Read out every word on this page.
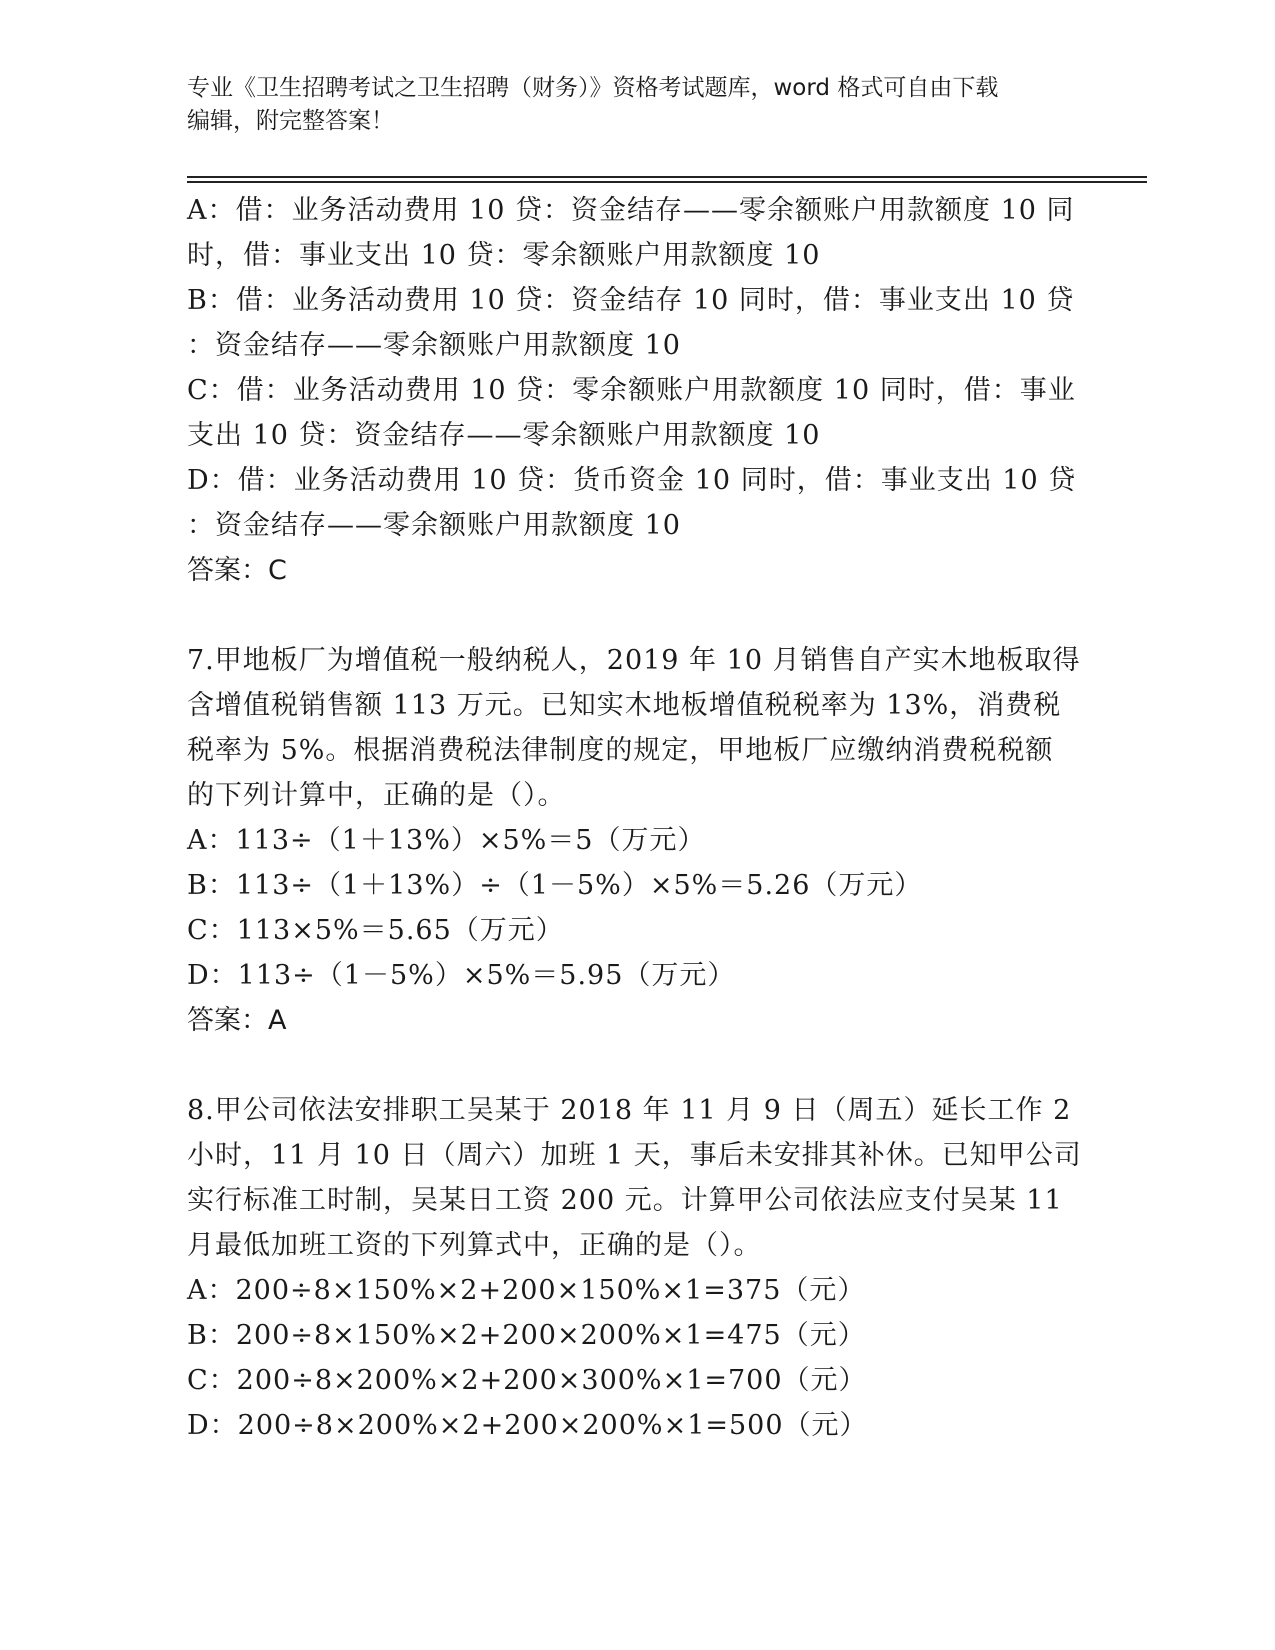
专业《卫生招聘考试之卫生招聘（财务）》资格考试题库，word 格式可自由下载
编辑，附完整答案！
A：借：业务活动费用 10 贷：资金结存——零余额账户用款额度 10 同
时，借：事业支出 10 贷：零余额账户用款额度 10
B：借：业务活动费用 10 贷：资金结存 10 同时，借：事业支出 10 贷
：资金结存——零余额账户用款额度 10
C：借：业务活动费用 10 贷：零余额账户用款额度 10 同时，借：事业
支出 10 贷：资金结存——零余额账户用款额度 10
D：借：业务活动费用 10 贷：货币资金 10 同时，借：事业支出 10 贷
：资金结存——零余额账户用款额度 10
答案：C
7.甲地板厂为增值税一般纳税人，2019 年 10 月销售自产实木地板取得
含增值税销售额 113 万元。已知实木地板增值税税率为 13%，消费税
税率为 5%。根据消费税法律制度的规定，甲地板厂应缴纳消费税税额
的下列计算中，正确的是（）。
A：113÷（1＋13%）×5%＝5（万元）
B：113÷（1＋13%）÷（1－5%）×5%＝5.26（万元）
C：113×5%＝5.65（万元）
D：113÷（1－5%）×5%＝5.95（万元）
答案：A
8.甲公司依法安排职工吴某于 2018 年 11 月 9 日（周五）延长工作 2
小时，11 月 10 日（周六）加班 1 天，事后未安排其补休。已知甲公司
实行标准工时制，吴某日工资 200 元。计算甲公司依法应支付吴某 11
月最低加班工资的下列算式中，正确的是（）。
A：200÷8×150%×2+200×150%×1=375（元）
B：200÷8×150%×2+200×200%×1=475（元）
C：200÷8×200%×2+200×300%×1=700（元）
D：200÷8×200%×2+200×200%×1=500（元）
